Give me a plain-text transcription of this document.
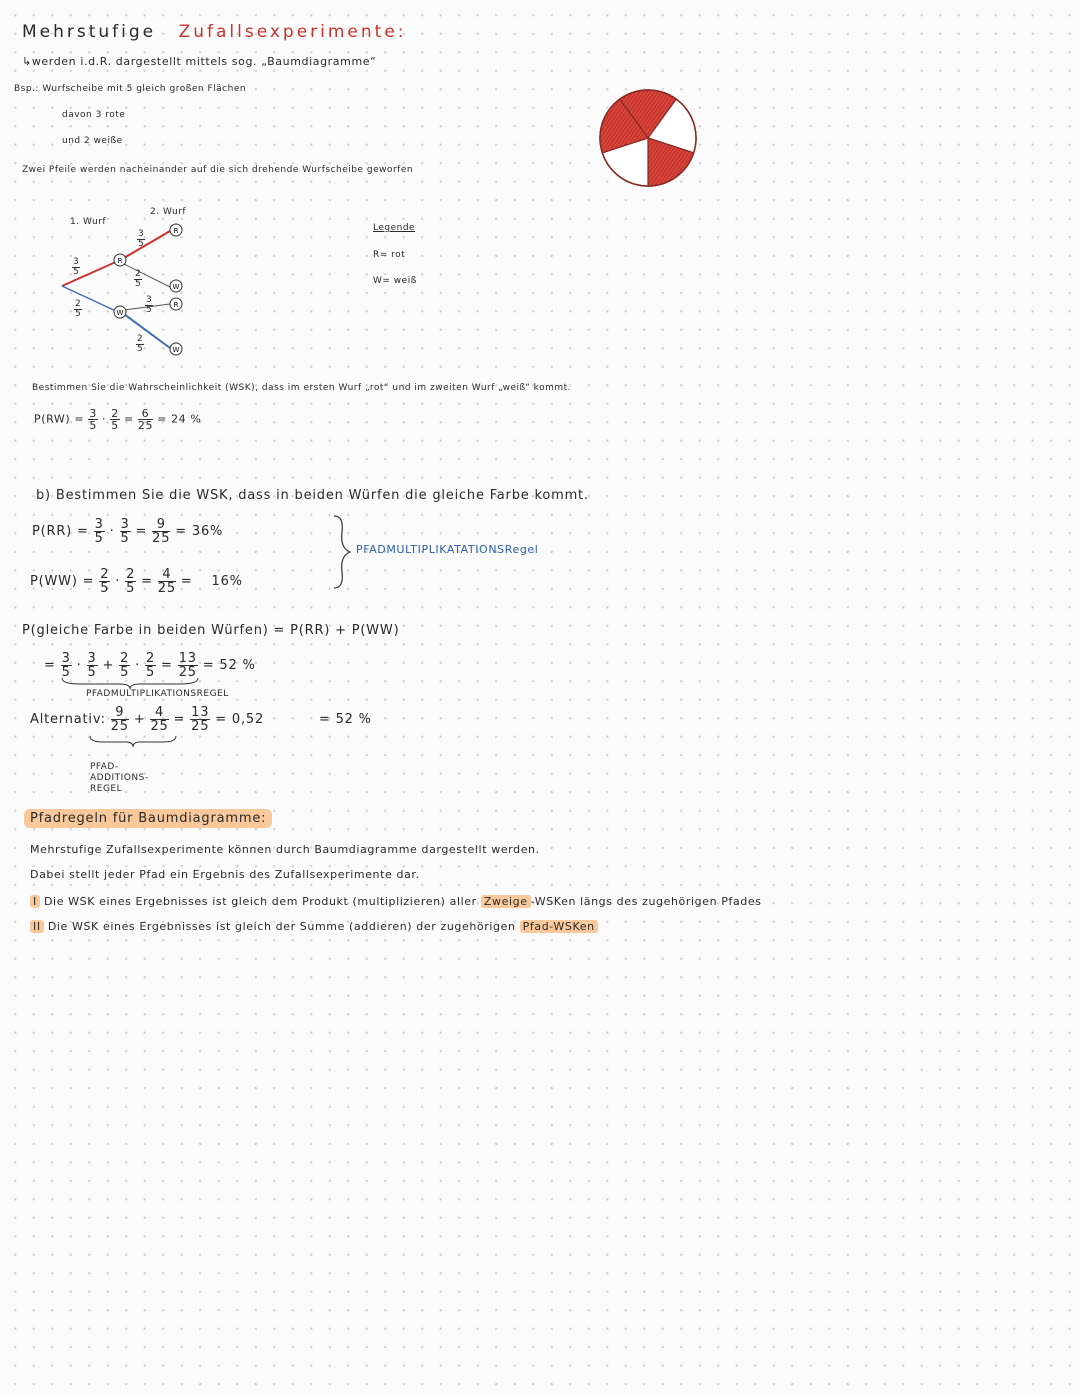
Mehrstufige Zufallsexperimente:
↳werden i.d.R. dargestellt mittels sog. „Baumdiagramme“
Bsp.: Wurfscheibe mit 5 gleich großen Flächen
davon 3 rote
und 2 weiße
Zwei Pfeile werden nacheinander auf die sich drehende Wurfscheibe geworfen
R
W
R
W
R
W
1. Wurf
2. Wurf
$\frac{3}{5}$
$\frac{2}{5}$
$\frac{3}{5}$
$\frac{2}{5}$
$\frac{3}{5}$
$\frac{2}{5}$
Legende
R= rot
W= weiß
Bestimmen Sie die Wahrscheinlichkeit (WSK), dass im ersten Wurf „rot“ und im zweiten Wurf „weiß“ kommt.
$P(RW) = \frac{3}{5} \cdot \frac{2}{5} = \frac{6}{25} = 24$ %
b) Bestimmen Sie die WSK, dass in beiden Würfen die gleiche Farbe kommt.
$P(RR) = \frac{3}{5} \cdot \frac{3}{5} = \frac{9}{25} = 36\%$
$P(WW) = \frac{2}{5} \cdot \frac{2}{5} = \frac{4}{25} = 16\%$
PFADMULTIPLIKATATIONSRegel
P(gleiche Farbe in beiden Würfen) = P(RR) + P(WW)
= $\frac{3}{5} \cdot \frac{3}{5} + \frac{2}{5} \cdot \frac{2}{5} = \frac{13}{25} = 52$ %
PFADMULTIPLIKATIONSREGEL
Alternativ: $\frac{9}{25} + \frac{4}{25} = \frac{13}{25} = 0,52$	= 52 %
PFAD-
ADDITIONS-
REGEL
Pfadregeln für Baumdiagramme:
Mehrstufige Zufallsexperimente können durch Baumdiagramme dargestellt werden.
Dabei stellt jeder Pfad ein Ergebnis des Zufallsexperimente dar.
I Die WSK eines Ergebnisses ist gleich dem Produkt (multiplizieren) aller Zweige -WSKen längs des zugehörigen Pfades
II Die WSK eines Ergebnisses ist gleich der Summe (addieren) der zugehörigen Pfad-WSKen
